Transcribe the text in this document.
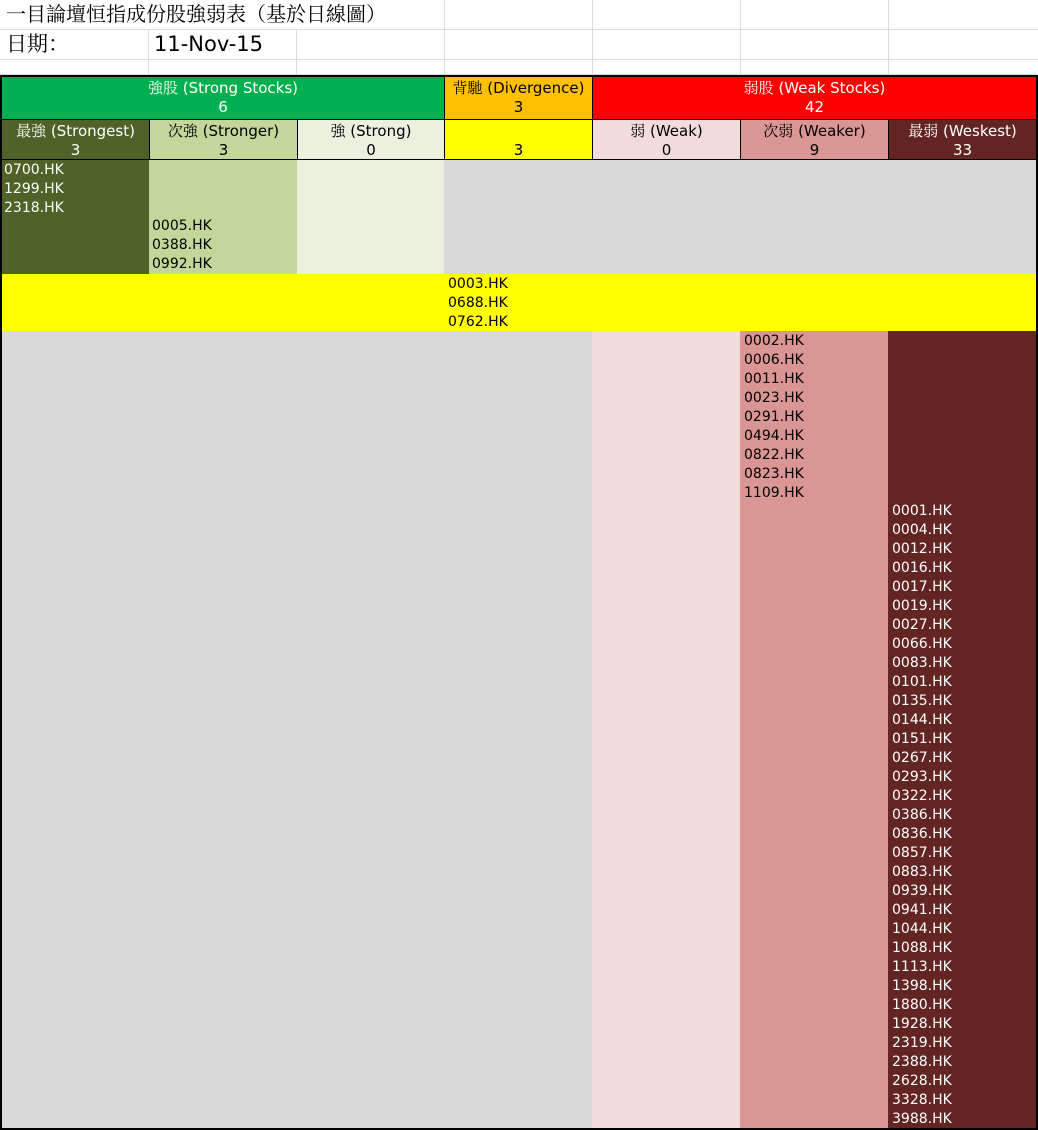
一目論壇恒指成份股強弱表（基於日線圖）
日期：	11-Nov-15
強股 (Strong Stocks)
6
背馳 (Divergence)
3
弱股 (Weak Stocks)
42
最強 (Strongest)
3
次強 (Stronger)
3
強 (Strong)
0	3
弱 (Weak)
0
次弱 (Weaker)
9
最弱 (Weskest)
33
0700.HK
1299.HK
2318.HK
0005.HK
0388.HK
0992.HK
0003.HK
0688.HK
0762.HK
0002.HK
0006.HK
0011.HK
0023.HK
0291.HK
0494.HK
0822.HK
0823.HK
1109.HK
0001.HK
0004.HK
0012.HK
0016.HK
0017.HK
0019.HK
0027.HK
0066.HK
0083.HK
0101.HK
0135.HK
0144.HK
0151.HK
0267.HK
0293.HK
0322.HK
0386.HK
0836.HK
0857.HK
0883.HK
0939.HK
0941.HK
1044.HK
1088.HK
1113.HK
1398.HK
1880.HK
1928.HK
2319.HK
2388.HK
2628.HK
3328.HK
3988.HK
